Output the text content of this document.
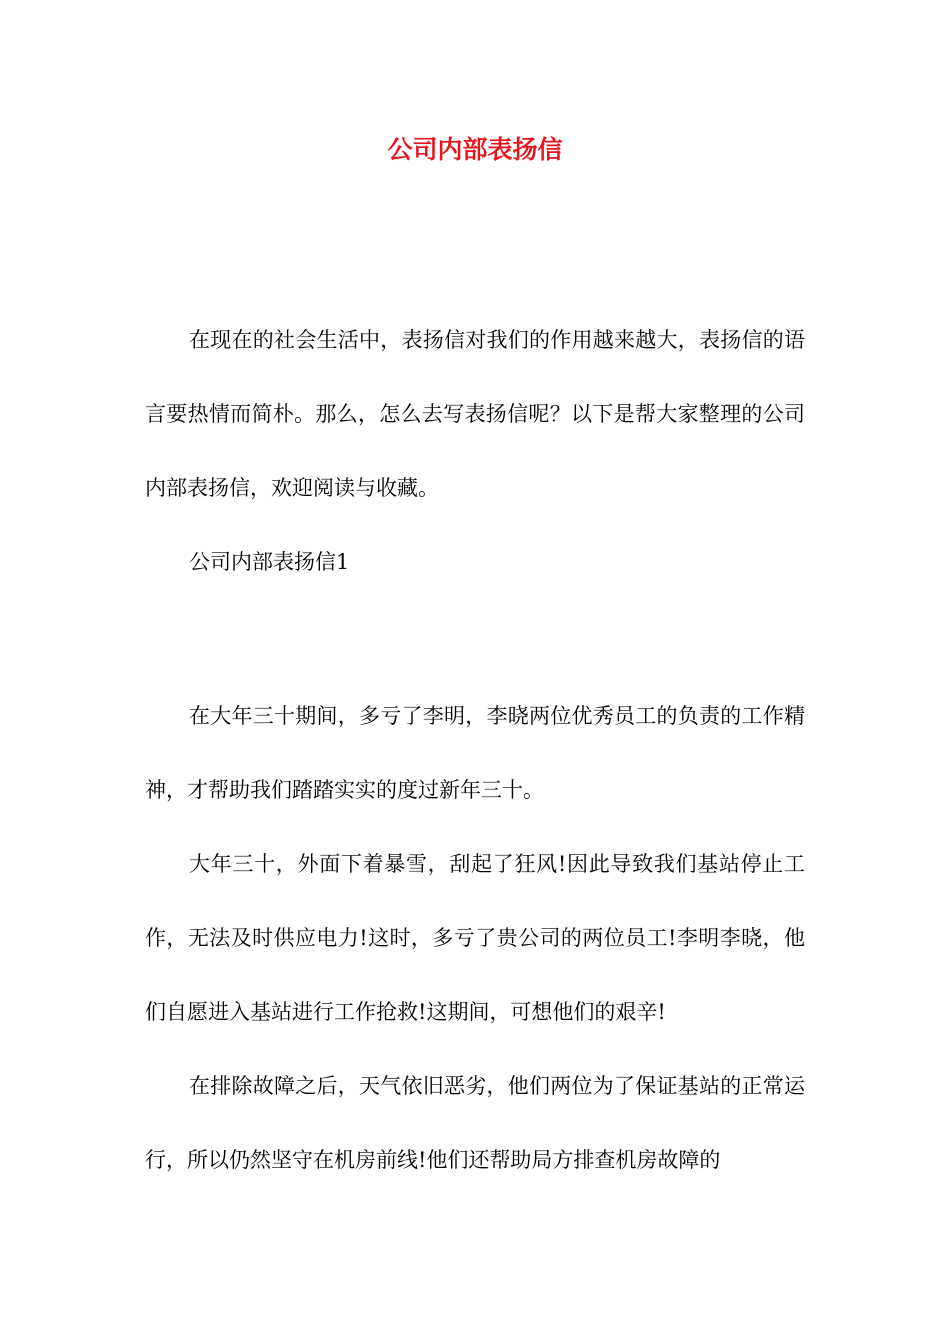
公司内部表扬信

在现在的社会生活中，表扬信对我们的作用越来越大，表扬信的语言要热情而简朴。那么，怎么去写表扬信呢？以下是帮大家整理的公司内部表扬信，欢迎阅读与收藏。

公司内部表扬信1

在大年三十期间，多亏了李明，李晓两位优秀员工的负责的工作精神，才帮助我们踏踏实实的度过新年三十。

大年三十，外面下着暴雪，刮起了狂风!因此导致我们基站停止工作，无法及时供应电力!这时，多亏了贵公司的两位员工!李明李晓，他们自愿进入基站进行工作抢救!这期间，可想他们的艰辛!

在排除故障之后，天气依旧恶劣，他们两位为了保证基站的正常运行，所以仍然坚守在机房前线!他们还帮助局方排查机房故障的
